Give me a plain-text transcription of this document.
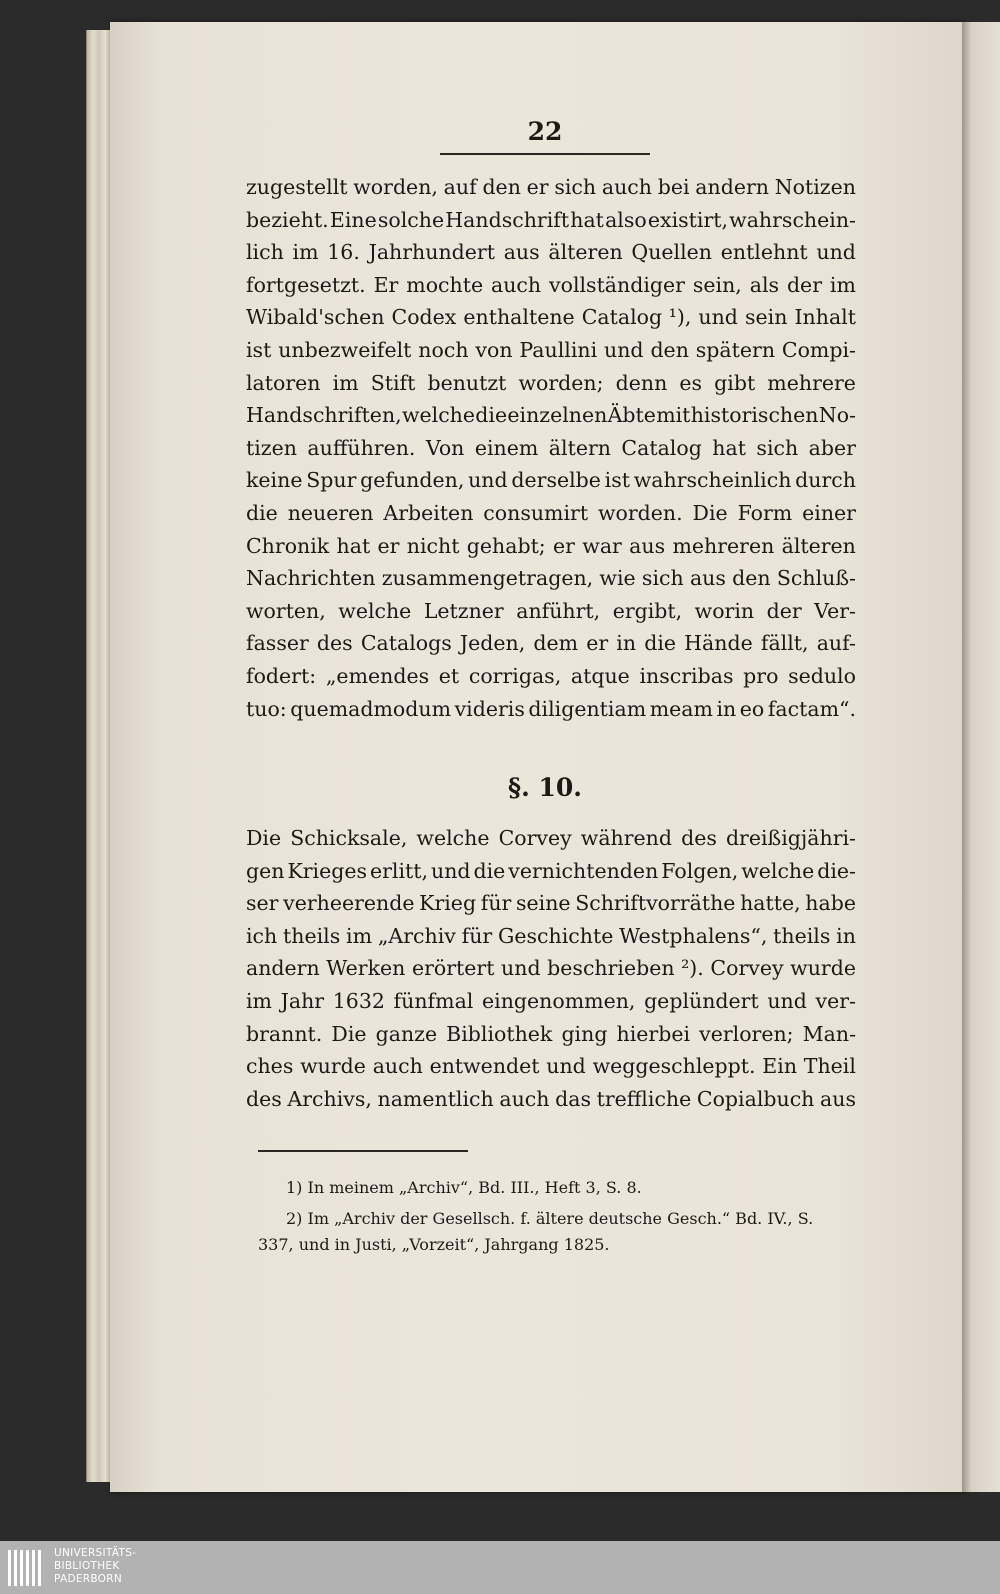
22
zugestellt worden, auf den er sich auch bei andern Notizen
bezieht. Eine solche Handschrift hat also existirt, wahrschein-
lich im 16. Jahrhundert aus älteren Quellen entlehnt und
fortgesetzt. Er mochte auch vollständiger sein, als der im
Wibald'schen Codex enthaltene Catalog ¹), und sein Inhalt
ist unbezweifelt noch von Paullini und den spätern Compi-
latoren im Stift benutzt worden; denn es gibt mehrere
Handschriften, welche die einzelnen Äbte mit historischen No-
tizen aufführen. Von einem ältern Catalog hat sich aber
keine Spur gefunden, und derselbe ist wahrscheinlich durch
die neueren Arbeiten consumirt worden. Die Form einer
Chronik hat er nicht gehabt; er war aus mehreren älteren
Nachrichten zusammengetragen, wie sich aus den Schluß-
worten, welche Letzner anführt, ergibt, worin der Ver-
fasser des Catalogs Jeden, dem er in die Hände fällt, auf-
fodert: „emendes et corrigas, atque inscribas pro sedulo
tuo: quemadmodum videris diligentiam meam in eo factam“.
§. 10.
Die Schicksale, welche Corvey während des dreißigjähri-
gen Krieges erlitt, und die vernichtenden Folgen, welche die-
ser verheerende Krieg für seine Schriftvorräthe hatte, habe
ich theils im „Archiv für Geschichte Westphalens“, theils in
andern Werken erörtert und beschrieben ²). Corvey wurde
im Jahr 1632 fünfmal eingenommen, geplündert und ver-
brannt. Die ganze Bibliothek ging hierbei verloren; Man-
ches wurde auch entwendet und weggeschleppt. Ein Theil
des Archivs, namentlich auch das treffliche Copialbuch aus
1) In meinem „Archiv“, Bd. III., Heft 3, S. 8.
2) Im „Archiv der Gesellsch. f. ältere deutsche Gesch.“ Bd. IV., S.
337, und in Justi, „Vorzeit“, Jahrgang 1825.
UNIVERSITÄTS-
BIBLIOTHEK
PADERBORN
